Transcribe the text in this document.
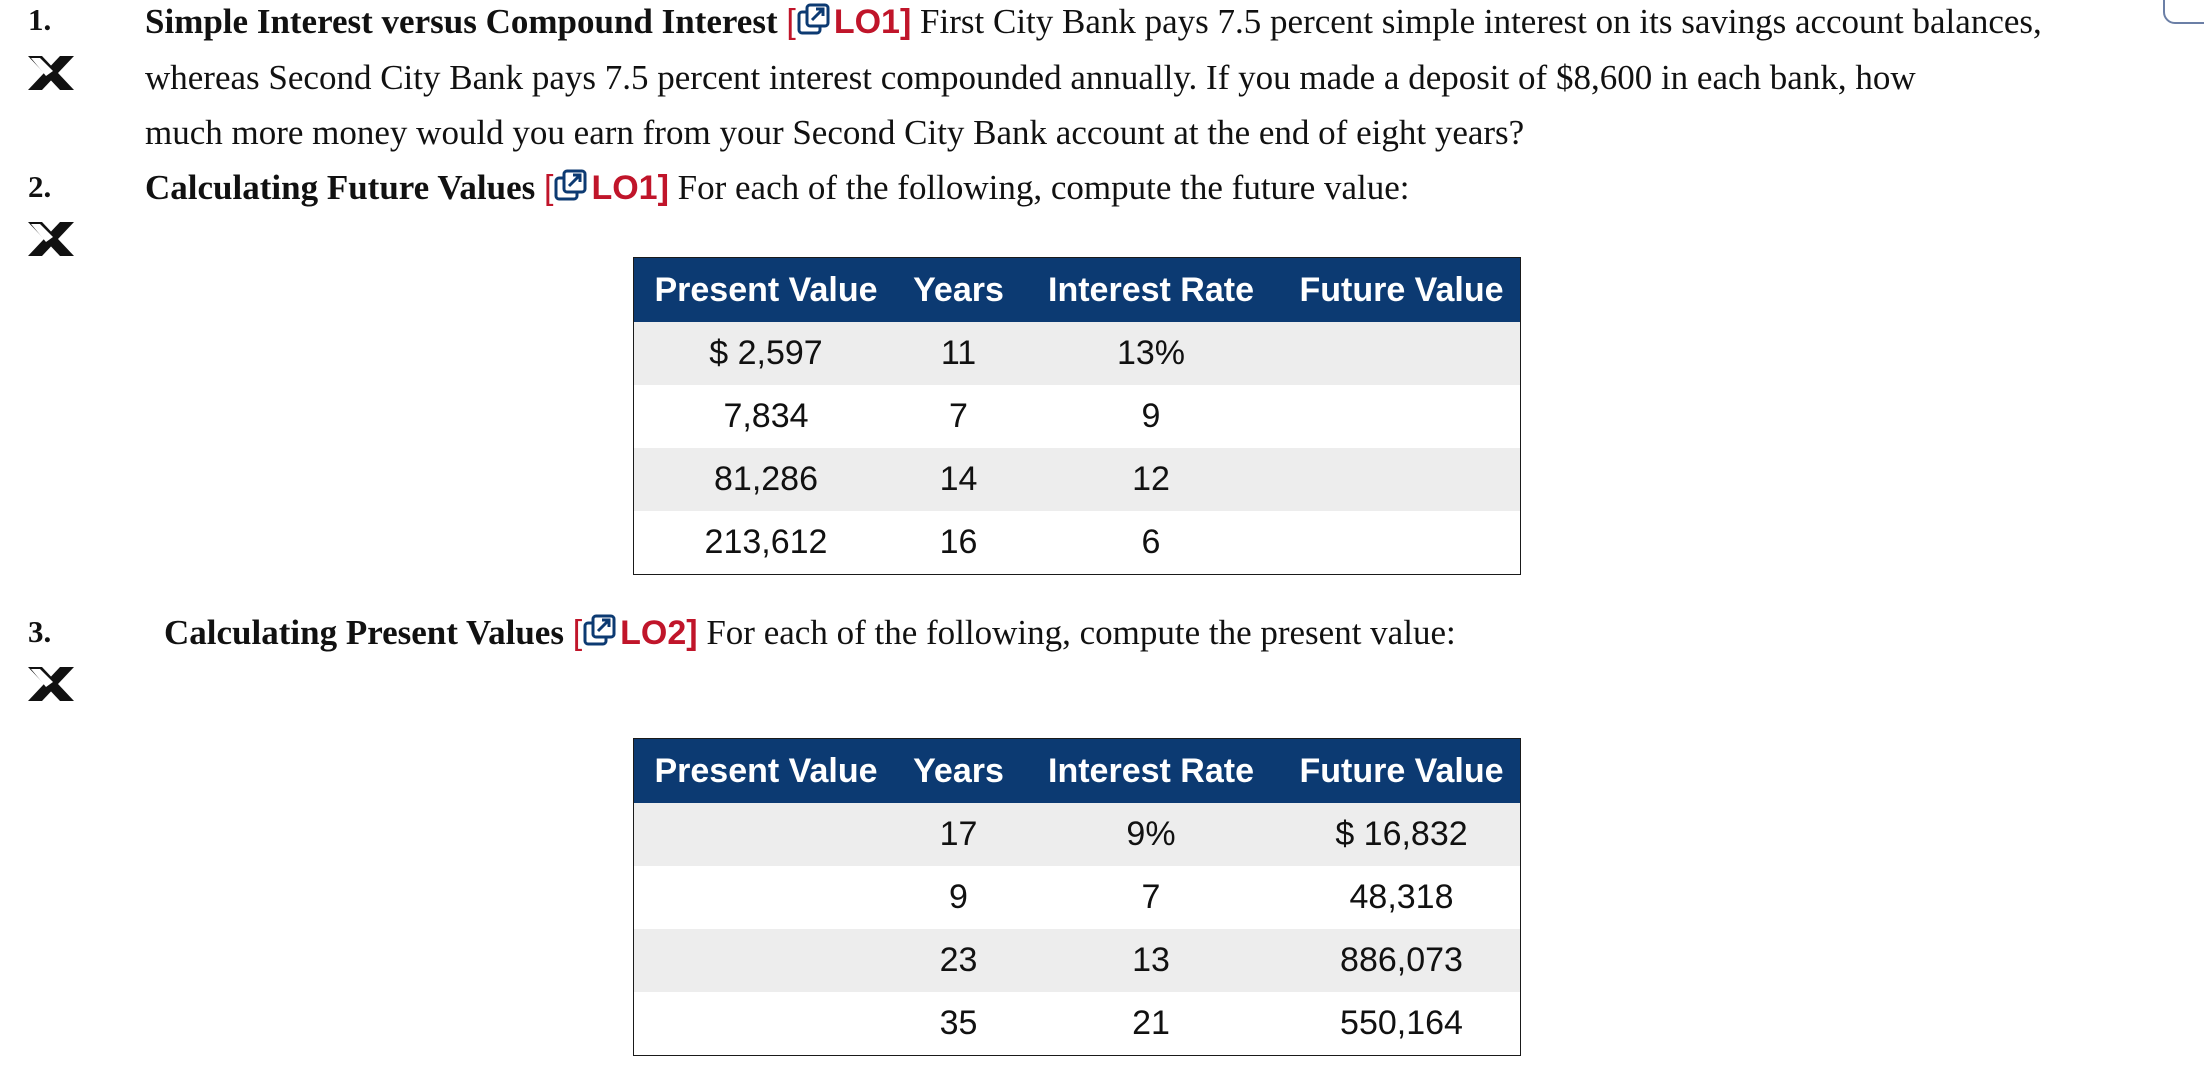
1.	Simple Interest versus Compound Interest [ LO1] First City Bank pays 7.5 percent simple interest on its savings account balances,
whereas Second City Bank pays 7.5 percent interest compounded annually. If you made a deposit of $8,600 in each bank, how
much more money would you earn from your Second City Bank account at the end of eight years?
2.	Calculating Future Values [ LO1] For each of the following, compute the future value:
Present Value	Years	Interest Rate	Future Value
$ 2,597	11	13%	
7,834	7	9	
81,286	14	12	
213,612	16	6	
3.	Calculating Present Values [ LO2] For each of the following, compute the present value:
Present Value	Years	Interest Rate	Future Value
	17	9%	$ 16,832
	9	7	48,318
	23	13	886,073
	35	21	550,164
